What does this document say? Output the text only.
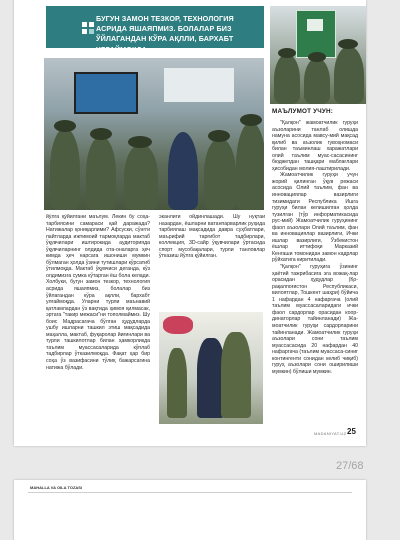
БУГУН ЗАМОН ТЕЗКОР, ТЕХНОЛОГИЯ АСРИДА ЯШАЯПМИЗ. БОЛАЛАР БИЗ ЎЙЛАГАНДАН КЎРА АҚЛЛИ, БАРХАБТ УЛҒАЙМОҚДА
МАЪЛУМОТ УЧУН:
"Қалқон" жамоатчилик гуруҳи аъзоларини танлаб олишда намуна асосида мавсу-мий мақсад қилиб ва аъзолик гувоҳномаси билан таъминлаш харажатлари олий таълим муас-сасасининг бюджетдан ташқари маблағлари ҳисобидан молия-лаштирилади.
Жамоатчилик гуруҳи учун жорий қилинган ўқув режаси асосида Олий таълим, фан ва инновациялар вазирлиги тизимидаги Республика Ишга гуруҳи билан келишилган ҳолда тузилган (тўр информатикасида рус-мий) Жамоатчилик гуруҳининг фаол аъзолари Олий таълим, фан ва инновациялар вазирлиги, Ички ишлар вазирлиги, Ўзбекистон ёшлар иттифоқи Марказий Кенгаши томонидан замон кадрлар рўйхатига киритилади.
"Қалқон" гуруҳига ўзининг ҳаётий тажрибасига эга вожақ-лар орасидан ҳудудлар (Қо-рақалпоғистон Республикаси, вилоятлар, Тошкент шаҳри) бўйича 1 нафардан 4 нафаргача (олий таълим муассасаларидаги ички фаол сардорлар орасидан коор-динаторлар тайинланади) Жа-моатчилик гуруҳи сардорларини тайинланади. Жамоатчилик гуруҳи аъзолари сони таълим муассасасида 20 нафардан 40 нафаргача (таълим муассаса-синиг контингенти сонидан келиб чиқиб) гуруҳ аъзолари сони оширилиши мумкин) бўлиши мумкин.
йўлга қўйилгани маълум. Лекин бу соҳа-тарбиясини самараси қай даражада? Натижалар қониқарлими? Афсуски, сўнгги пайтларда ижтимоий тармоқларда мактаб ўқувчилари иштирокида аудиторияда ўқувчиларнинг олдида ота-оналарга ҳеч кимда ҳеч нарсага ишониши мумкин бўлмаган ҳолда ўзини тутишлари кўрсатиб ўтилмоқда. Мактаб ўқувчиси деганда, кўз олдимизга сумка кўтарган ёш бола келади. Холбуки, бугун замон тезкор, технология асрида яшаяпмиз, болалар биз ўйлагандан кўра ақлли, бархабт улғаймоқда. Уларни турли маънавий қатламлардан ўз вақтида ҳимоя қилмасак, эртага "такир межаси"ни тополмаймиз. Шу боис Мадрасагача бўлган ҳудудларда ушбу ишларни ташкил этиш мақсадида маҳалла, мактаб, фуқаролар йиғинлари ва турли ташкилотлар билан ҳамкорликда таълим муассасаларида кўплаб тадбирлар ўтказилмоқда. Фақат ҳар бир соҳа ўз вазифасини тўлиқ бажарсагина натижа бўлади.
эканлиги ойдинлашади. Шу нуқтаи назардан, ёшларни ватанпарварлик руҳида тарбиялаш мақсадида давра суҳбатлари, маърифий тарғибот тадбирлари, коллекция, 3D-сайр ўқувчилари ўртасида спорт мусобақалари, турли танловлар ўтказиш йўлга қўйилган.
MADANIYAT.UZ 25
27/68
MAHALLA VA OILA TOZASI
